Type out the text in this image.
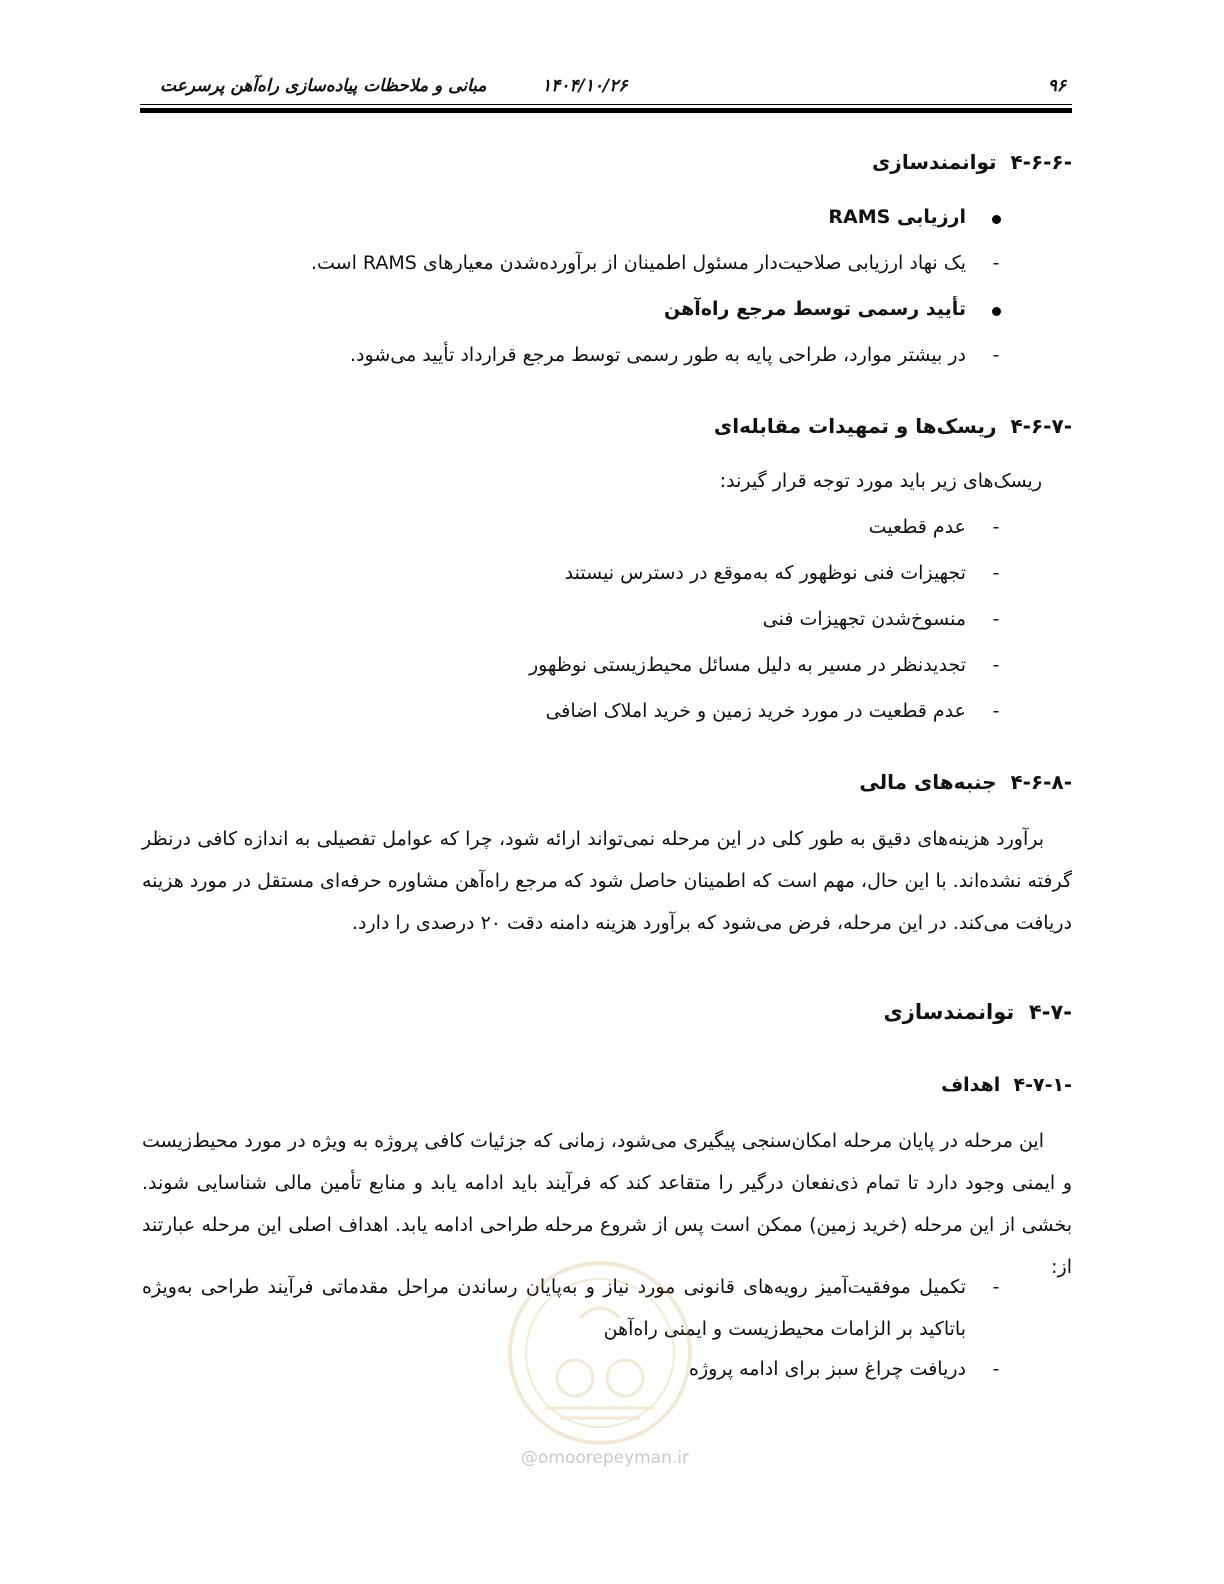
۹۶
۱۴۰۴/۱۰/۲۶
مبانی و ملاحظات پیاده‌سازی راه‌آهن پرسرعت
۴-۶-۶-  توانمندسازی
ارزیابی RAMS
-
یک نهاد ارزیابی صلاحیت‌دار مسئول اطمینان از برآورده‌شدن معیارهای RAMS است.
تأیید رسمی توسط مرجع راه‌آهن
-
در بیشتر موارد، طراحی پایه به طور رسمی توسط مرجع قرارداد تأیید می‌شود.
۴-۶-۷-  ریسک‌ها و تمهیدات مقابله‌ای
ریسک‌های زیر باید مورد توجه قرار گیرند:
-
عدم قطعیت
-
تجهیزات فنی نوظهور که به‌موقع در دسترس نیستند
-
منسوخ‌شدن تجهیزات فنی
-
تجدیدنظر در مسیر به دلیل مسائل محیط‌زیستی نوظهور
-
عدم قطعیت در مورد خرید زمین و خرید املاک اضافی
۴-۶-۸-  جنبه‌های مالی

برآورد هزینه‌های دقیق به طور کلی در این مرحله نمی‌تواند ارائه شود، چرا که عوامل تفصیلی به اندازه کافی درنظر گرفته نشده‌اند. با این حال، مهم است که اطمینان حاصل شود که مرجع راه‌آهن مشاوره حرفه‌ای مستقل در مورد هزینه دریافت می‌کند. در این مرحله، فرض می‌شود که برآورد هزینه دامنه دقت ۲۰ درصدی را دارد.

۴-۷-  توانمندسازی
۴-۷-۱-  اهداف

این مرحله در پایان مرحله امکان‌سنجی پیگیری می‌شود، زمانی که جزئیات کافی پروژه به ویژه در مورد محیط‌زیست و ایمنی وجود دارد تا تمام ذی‌نفعان درگیر را متقاعد کند که فرآیند باید ادامه یابد و منابع تأمین مالی شناسایی شوند. بخشی از این مرحله (خرید زمین) ممکن است پس از شروع مرحله طراحی ادامه یابد. اهداف اصلی این مرحله عبارتند از:

-
تکمیل موفقیت‌آمیز رویه‌های قانونی مورد نیاز و به‌پایان رساندن مراحل مقدماتی فرآیند طراحی به‌ویژه باتاکید بر الزامات محیط‌زیست و ایمنی راه‌آهن
-
دریافت چراغ سبز برای ادامه پروژه
@omoorepeyman.ir
